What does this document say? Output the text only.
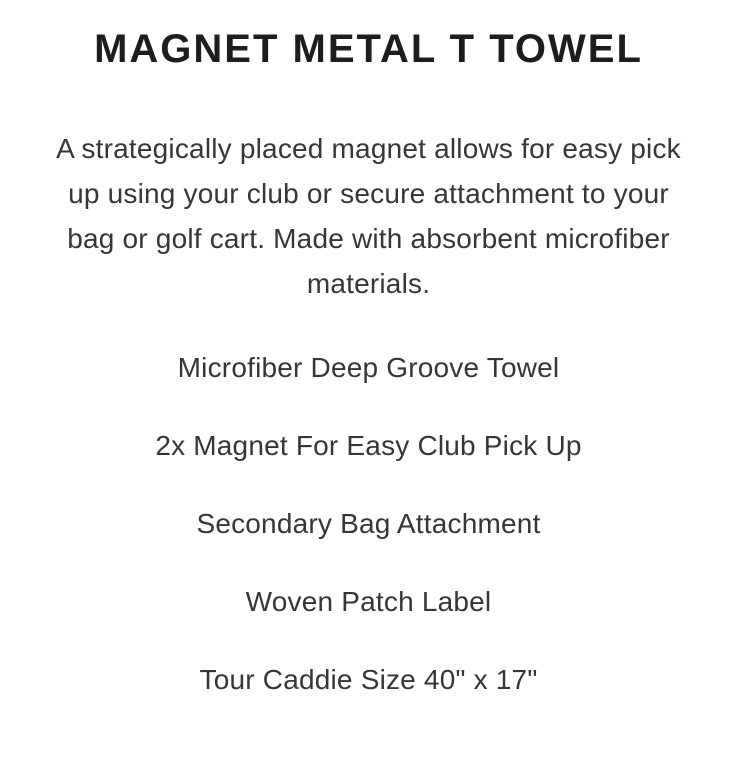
MAGNET METAL T TOWEL

A strategically placed magnet allows for easy pick up using your club or secure attachment to your bag or golf cart. Made with absorbent microfiber materials.

Microfiber Deep Groove Towel
2x Magnet For Easy Club Pick Up
Secondary Bag Attachment
Woven Patch Label
Tour Caddie Size 40" x 17"
